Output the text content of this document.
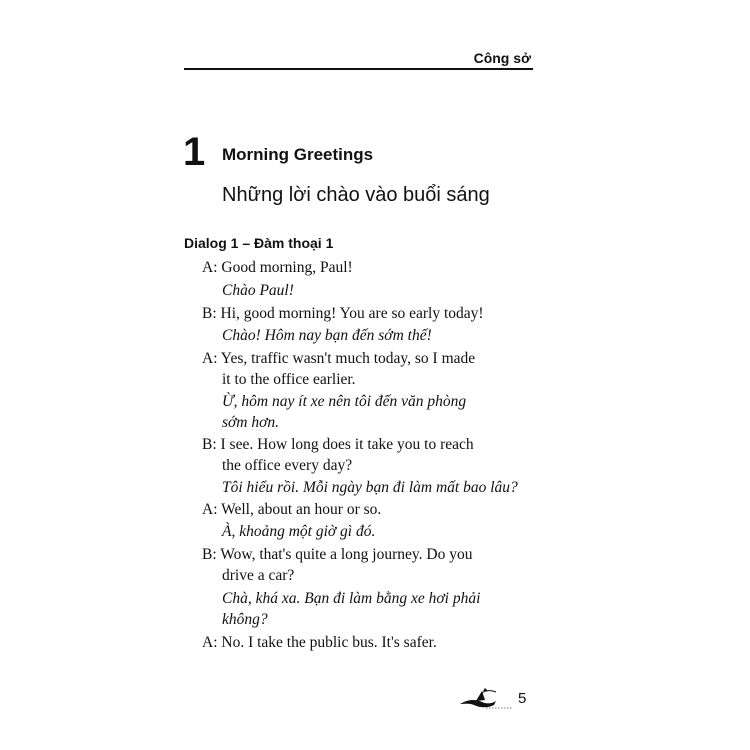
Công sở
1 Morning Greetings
Những lời chào vào buổi sáng
Dialog 1 – Đàm thoại 1
A: Good morning, Paul!
Chào Paul!
B: Hi, good morning! You are so early today!
Chào! Hôm nay bạn đến sớm thế!
A: Yes, traffic wasn't much today, so I made
it to the office earlier.
Ừ, hôm nay ít xe nên tôi đến văn phòng
sớm hơn.
B: I see. How long does it take you to reach
the office every day?
Tôi hiểu rồi. Mỗi ngày bạn đi làm mất bao lâu?
A: Well, about an hour or so.
À, khoảng một giờ gì đó.
B: Wow, that's quite a long journey. Do you
drive a car?
Chà, khá xa. Bạn đi làm bằng xe hơi phải
không?
A: No. I take the public bus. It's safer.
5
